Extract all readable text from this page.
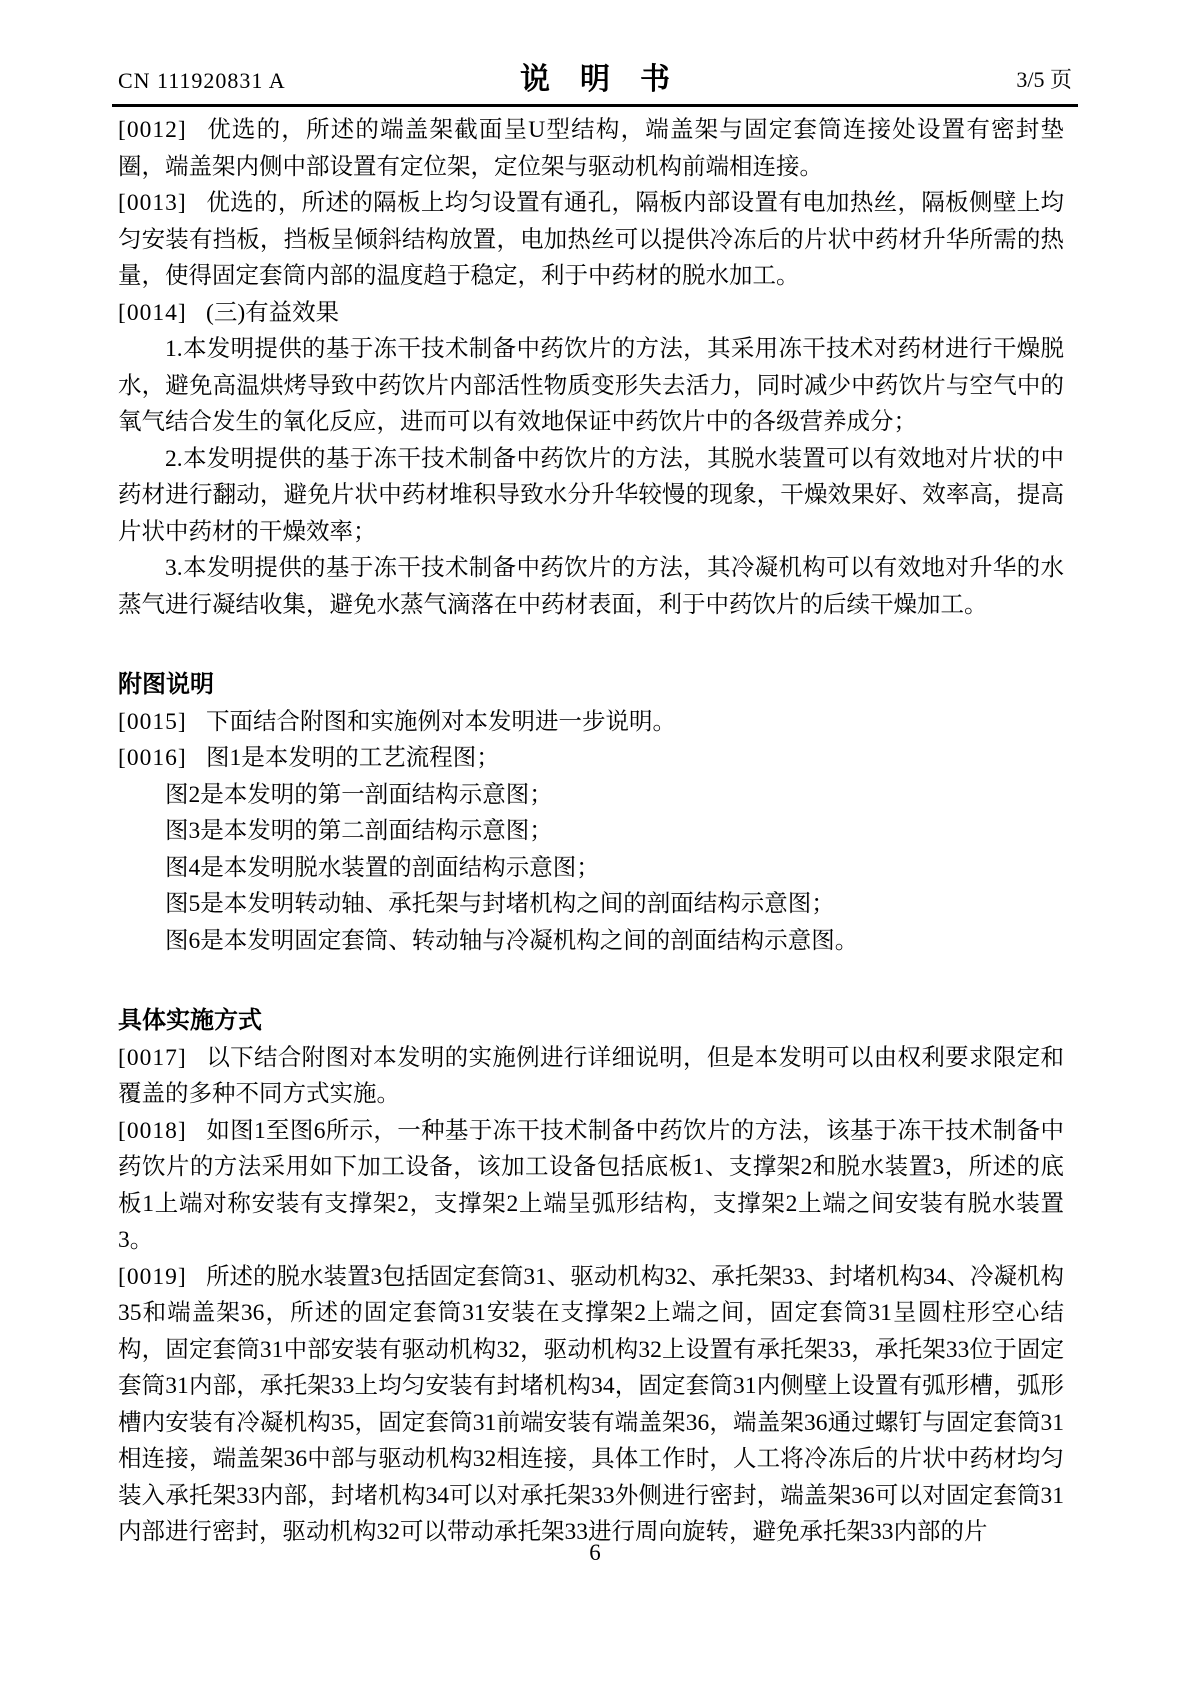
CN 111920831 A	说　明　书	3/5 页

[0012] 优选的，所述的端盖架截面呈U型结构，端盖架与固定套筒连接处设置有密封垫圈，端盖架内侧中部设置有定位架，定位架与驱动机构前端相连接。

[0013] 优选的，所述的隔板上均匀设置有通孔，隔板内部设置有电加热丝，隔板侧壁上均匀安装有挡板，挡板呈倾斜结构放置，电加热丝可以提供冷冻后的片状中药材升华所需的热量，使得固定套筒内部的温度趋于稳定，利于中药材的脱水加工。

[0014] (三)有益效果

1.本发明提供的基于冻干技术制备中药饮片的方法，其采用冻干技术对药材进行干燥脱水，避免高温烘烤导致中药饮片内部活性物质变形失去活力，同时减少中药饮片与空气中的氧气结合发生的氧化反应，进而可以有效地保证中药饮片中的各级营养成分；

2.本发明提供的基于冻干技术制备中药饮片的方法，其脱水装置可以有效地对片状的中药材进行翻动，避免片状中药材堆积导致水分升华较慢的现象，干燥效果好、效率高，提高片状中药材的干燥效率；

3.本发明提供的基于冻干技术制备中药饮片的方法，其冷凝机构可以有效地对升华的水蒸气进行凝结收集，避免水蒸气滴落在中药材表面，利于中药饮片的后续干燥加工。

附图说明

[0015] 下面结合附图和实施例对本发明进一步说明。

[0016] 图1是本发明的工艺流程图；

图2是本发明的第一剖面结构示意图；

图3是本发明的第二剖面结构示意图；

图4是本发明脱水装置的剖面结构示意图；

图5是本发明转动轴、承托架与封堵机构之间的剖面结构示意图；

图6是本发明固定套筒、转动轴与冷凝机构之间的剖面结构示意图。

具体实施方式

[0017] 以下结合附图对本发明的实施例进行详细说明，但是本发明可以由权利要求限定和覆盖的多种不同方式实施。

[0018] 如图1至图6所示，一种基于冻干技术制备中药饮片的方法，该基于冻干技术制备中药饮片的方法采用如下加工设备，该加工设备包括底板1、支撑架2和脱水装置3，所述的底板1上端对称安装有支撑架2，支撑架2上端呈弧形结构，支撑架2上端之间安装有脱水装置3。

[0019] 所述的脱水装置3包括固定套筒31、驱动机构32、承托架33、封堵机构34、冷凝机构35和端盖架36，所述的固定套筒31安装在支撑架2上端之间，固定套筒31呈圆柱形空心结构，固定套筒31中部安装有驱动机构32，驱动机构32上设置有承托架33，承托架33位于固定套筒31内部，承托架33上均匀安装有封堵机构34，固定套筒31内侧壁上设置有弧形槽，弧形槽内安装有冷凝机构35，固定套筒31前端安装有端盖架36，端盖架36通过螺钉与固定套筒31相连接，端盖架36中部与驱动机构32相连接，具体工作时，人工将冷冻后的片状中药材均匀装入承托架33内部，封堵机构34可以对承托架33外侧进行密封，端盖架36可以对固定套筒31内部进行密封，驱动机构32可以带动承托架33进行周向旋转，避免承托架33内部的片

6
